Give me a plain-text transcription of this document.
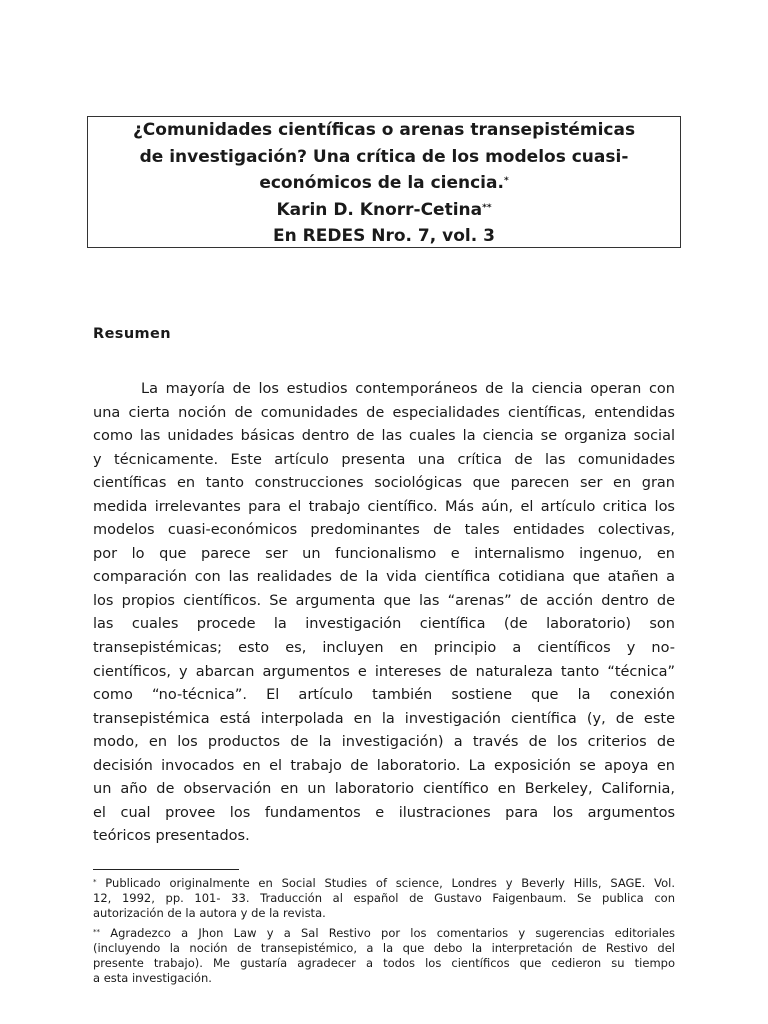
¿Comunidades científicas o arenas transepistémicas
de investigación? Una crítica de los modelos cuasi-
económicos de la ciencia.*
Karin D. Knorr-Cetina**
En REDES Nro. 7, vol. 3
Resumen
La mayoría de los estudios contemporáneos de la ciencia operan con
una cierta noción de comunidades de especialidades científicas, entendidas
como las unidades básicas dentro de las cuales la ciencia se organiza social
y técnicamente. Este artículo presenta una crítica de las comunidades
científicas en tanto construcciones sociológicas que parecen ser en gran
medida irrelevantes para el trabajo científico. Más aún, el artículo critica los
modelos cuasi-económicos predominantes de tales entidades colectivas,
por lo que parece ser un funcionalismo e internalismo ingenuo, en
comparación con las realidades de la vida científica cotidiana que atañen a
los propios científicos. Se argumenta que las “arenas” de acción dentro de
las cuales procede la investigación científica (de laboratorio) son
transepistémicas; esto es, incluyen en principio a científicos y no-
científicos, y abarcan argumentos e intereses de naturaleza tanto “técnica”
como “no-técnica”. El artículo también sostiene que la conexión
transepistémica está interpolada en la investigación científica (y, de este
modo, en los productos de la investigación) a través de los criterios de
decisión invocados en el trabajo de laboratorio. La exposición se apoya en
un año de observación en un laboratorio científico en Berkeley, California,
el cual provee los fundamentos e ilustraciones para los argumentos
teóricos presentados.
* Publicado originalmente en Social Studies of science, Londres y Beverly Hills, SAGE. Vol.
12, 1992, pp. 101- 33. Traducción al español de Gustavo Faigenbaum. Se publica con
autorización de la autora y de la revista.
** Agradezco a Jhon Law y a Sal Restivo por los comentarios y sugerencias editoriales
(incluyendo la noción de transepistémico, a la que debo la interpretación de Restivo del
presente trabajo). Me gustaría agradecer a todos los científicos que cedieron su tiempo
a esta investigación.
